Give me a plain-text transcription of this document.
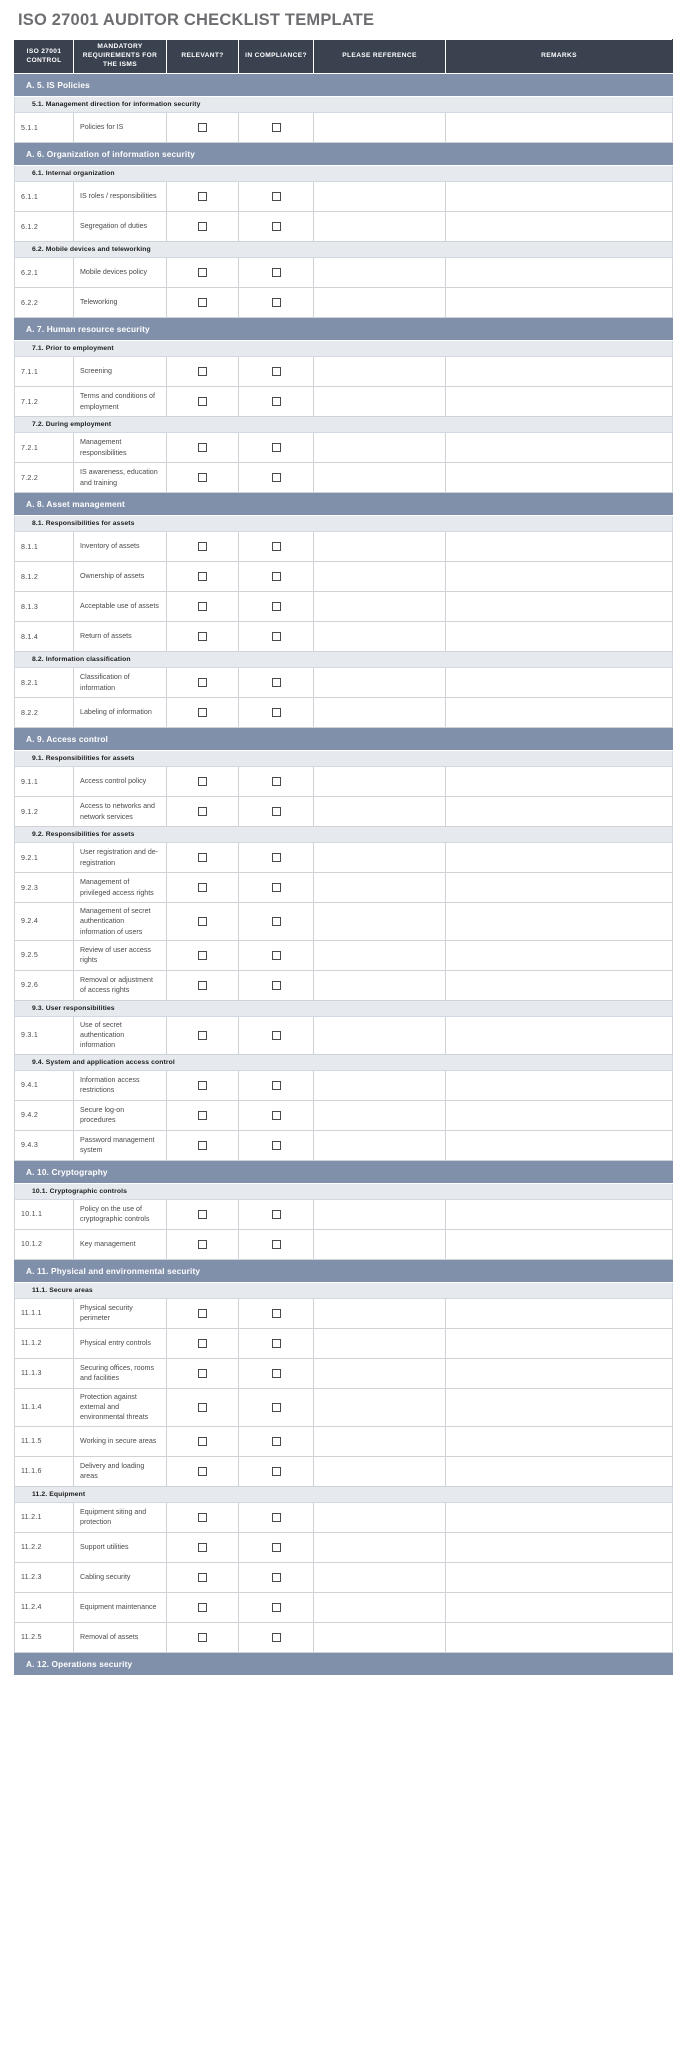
ISO 27001 AUDITOR CHECKLIST TEMPLATE
ISO 27001 CONTROL	MANDATORY REQUIREMENTS FOR THE ISMS	RELEVANT?	IN COMPLIANCE?	PLEASE REFERENCE	REMARKS
A. 5. IS Policies					
5.1. Management direction for information security					
5.1.1	Policies for IS				
A. 6. Organization of information security					
6.1. Internal organization					
6.1.1	IS roles / responsibilities				
6.1.2	Segregation of duties				
6.2. Mobile devices and teleworking					
6.2.1	Mobile devices policy				
6.2.2	Teleworking				
A. 7. Human resource security					
7.1. Prior to employment					
7.1.1	Screening				
7.1.2	Terms and conditions of employment				
7.2. During employment					
7.2.1	Management responsibilities				
7.2.2	IS awareness, education and training				
A. 8. Asset management					
8.1. Responsibilities for assets					
8.1.1	Inventory of assets				
8.1.2	Ownership of assets				
8.1.3	Acceptable use of assets				
8.1.4	Return of assets				
8.2. Information classification					
8.2.1	Classification of information				
8.2.2	Labeling of information				
A. 9. Access control					
9.1. Responsibilities for assets					
9.1.1	Access control policy				
9.1.2	Access to networks and network services				
9.2. Responsibilities for assets					
9.2.1	User registration and de-registration				
9.2.3	Management of privileged access rights				
9.2.4	Management of secret authentication information of users				
9.2.5	Review of user access rights				
9.2.6	Removal or adjustment of access rights				
9.3. User responsibilities					
9.3.1	Use of secret authentication information				
9.4. System and application access control					
9.4.1	Information access restrictions				
9.4.2	Secure log-on procedures				
9.4.3	Password management system				
A. 10. Cryptography					
10.1. Cryptographic controls					
10.1.1	Policy on the use of cryptographic controls				
10.1.2	Key management				
A. 11. Physical and environmental security					
11.1. Secure areas					
11.1.1	Physical security perimeter				
11.1.2	Physical entry controls				
11.1.3	Securing offices, rooms and facilities				
11.1.4	Protection against external and environmental threats				
11.1.5	Working in secure areas				
11.1.6	Delivery and loading areas				
11.2. Equipment					
11.2.1	Equipment siting and protection				
11.2.2	Support utilities				
11.2.3	Cabling security				
11.2.4	Equipment maintenance				
11.2.5	Removal of assets				
A. 12. Operations security					
